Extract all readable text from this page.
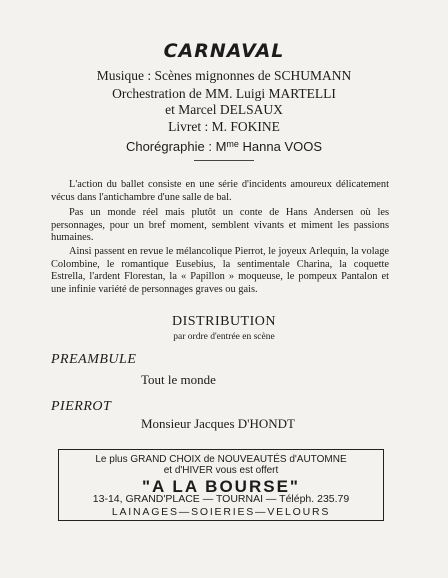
CARNAVAL
Musique : Scènes mignonnes de SCHUMANN
Orchestration de MM. Luigi MARTELLI
et Marcel DELSAUX
Livret : M. FOKINE
Chorégraphie : $M^{me}$ Hanna VOOS

L'action du ballet consiste en une série d'incidents amoureux délicatement vécus dans l'antichambre d'une salle de bal.

Pas un monde réel mais plutôt un conte de Hans Andersen où les personnages, pour un bref moment, semblent vivants et miment les passions humaines.

Ainsi passent en revue le mélancolique Pierrot, le joyeux Arlequin, la volage Colombine, le romantique Eusebius, la sentimentale Charina, la coquette Estrella, l'ardent Florestan, la « Papillon » moqueuse, le pompeux Pantalon et une infinie variété de personnages graves ou gais.

DISTRIBUTION
par ordre d'entrée en scène
PREAMBULE
Tout le monde
PIERROT
Monsieur Jacques D'HONDT
Le plus GRAND CHOIX de NOUVEAUTÉS d'AUTOMNE
et d'HIVER vous est offert
"A LA BOURSE"
13-14, GRAND'PLACE — TOURNAI — Téléph. 235.79
LAINAGES—SOIERIES—VELOURS
